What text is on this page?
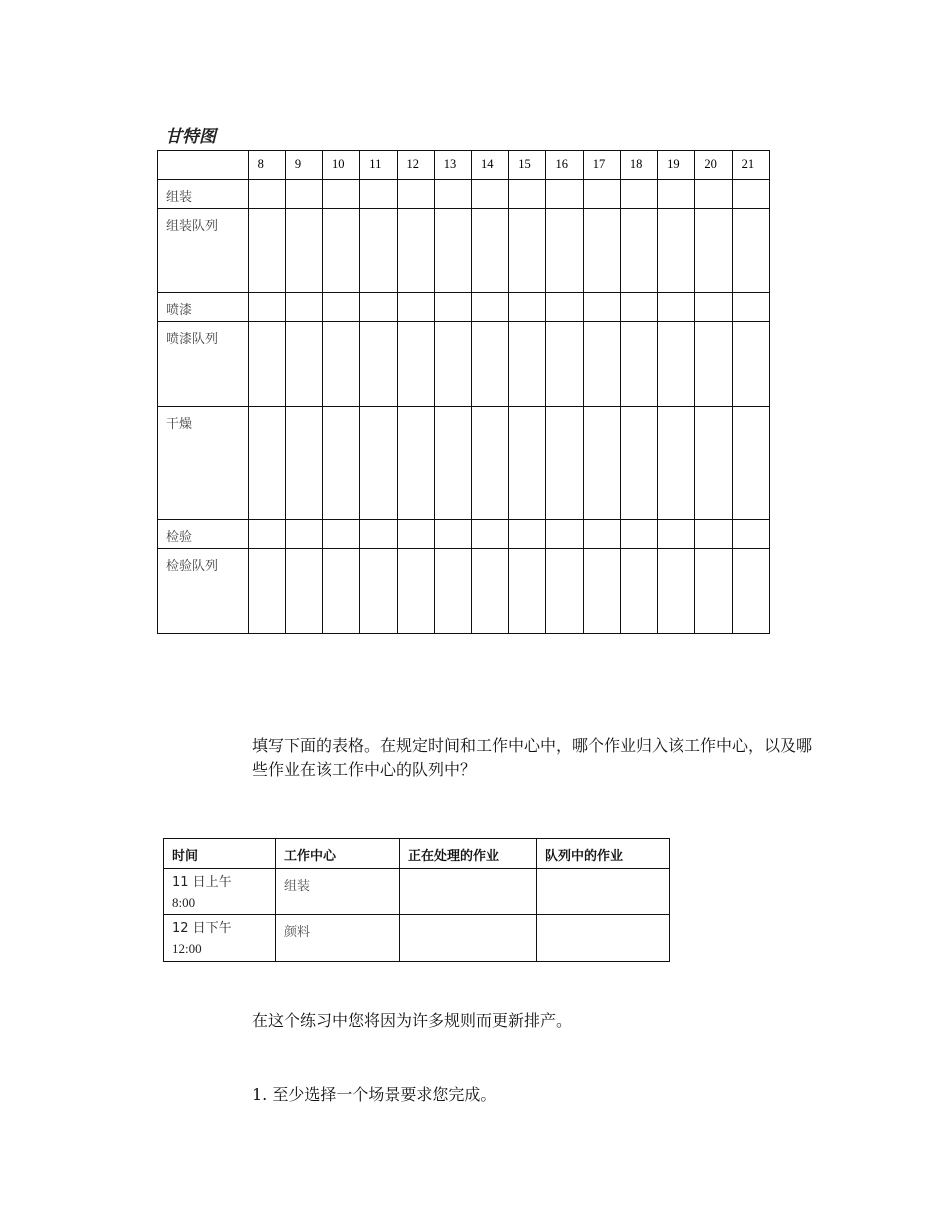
甘特图
	8	9	10	11	12	13	14	15	16	17	18	19	20	21
组装														
组装队列														
喷漆														
喷漆队列														
干燥														
检验														
检验队列														
填写下面的表格。在规定时间和工作中心中，哪个作业归入该工作中心，以及哪些作业在该工作中心的队列中？
时间	工作中心	正在处理的作业	队列中的作业

11 日上午
8:00	组装		

12 日下午
12:00	颜料		
在这个练习中您将因为许多规则而更新排产。
1. 至少选择一个场景要求您完成。
